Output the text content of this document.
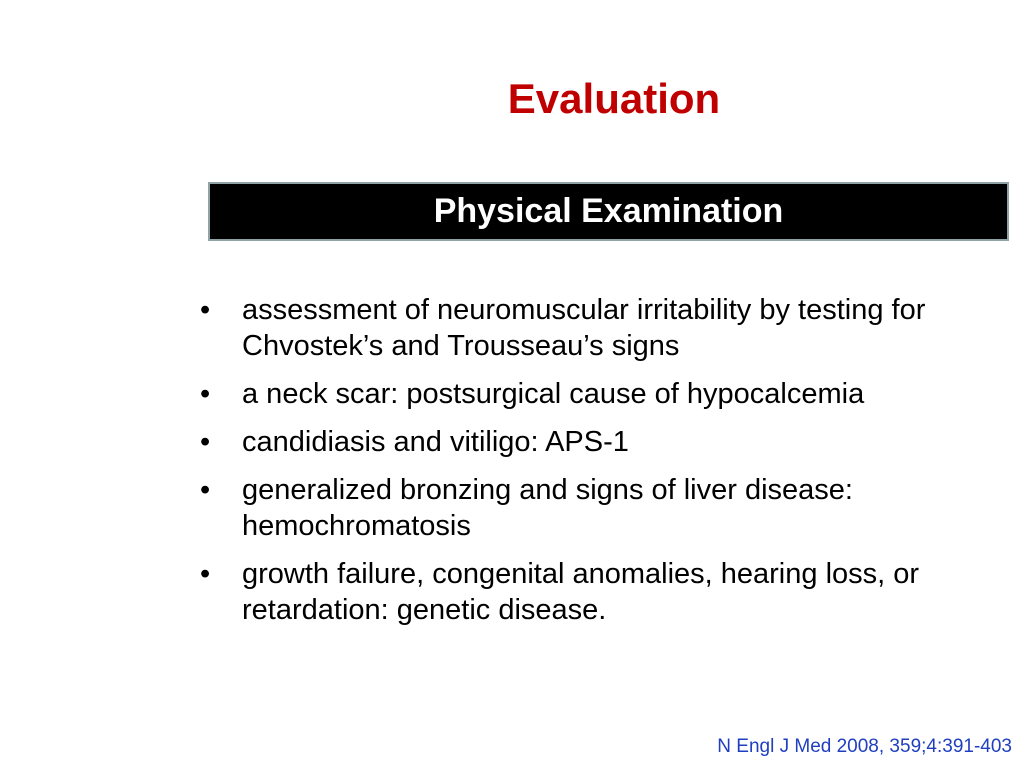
Evaluation
Physical Examination
•	assessment of neuromuscular irritability by testing for Chvostek’s and Trousseau’s signs
•	a neck scar: postsurgical cause of hypocalcemia
•	candidiasis and vitiligo: APS-1
•	generalized bronzing and signs of liver disease: hemochromatosis
•	growth failure, congenital anomalies, hearing loss, or retardation: genetic disease.
N Engl J Med 2008, 359;4:391-403
